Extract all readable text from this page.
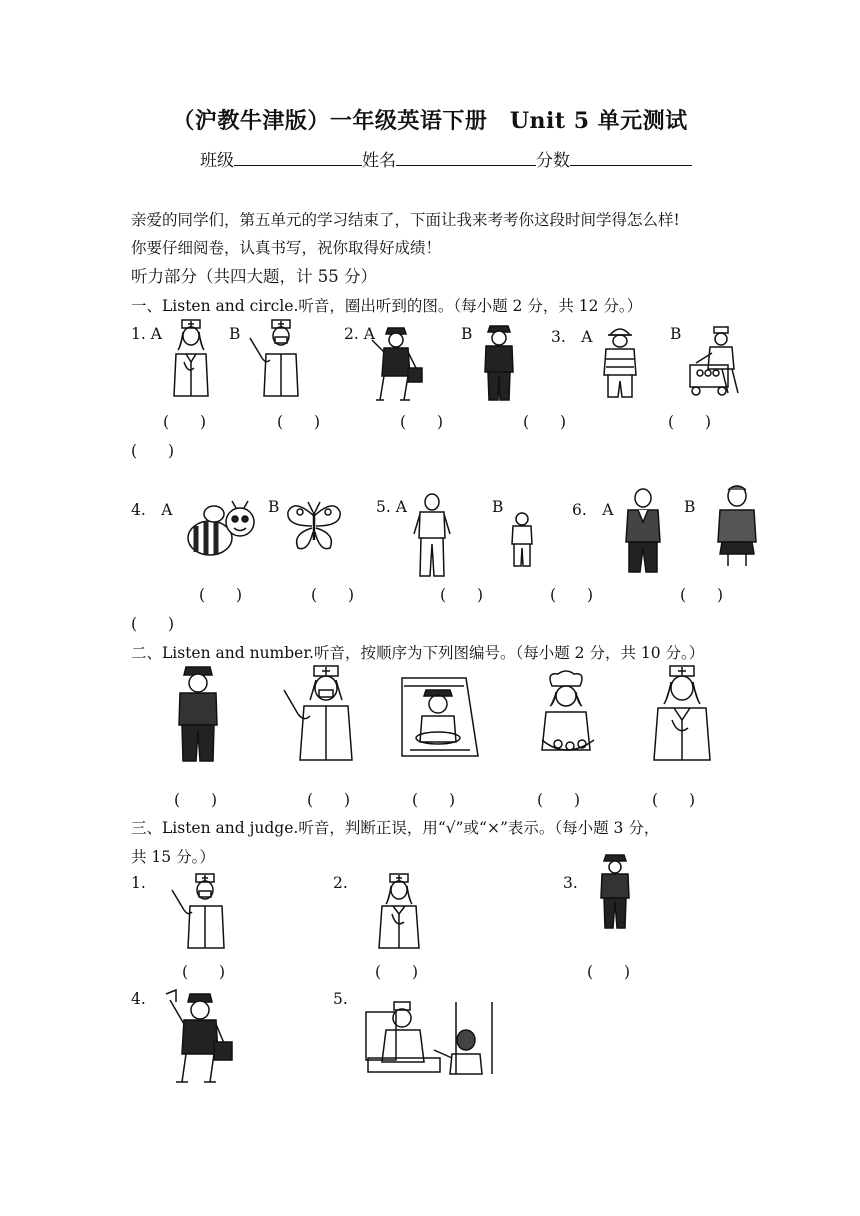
（沪教牛津版）一年级英语下册　Unit 5 单元测试
班级	姓名	分数
亲爱的同学们，第五单元的学习结束了，下面让我来考考你这段时间学得怎么样!
你要仔细阅卷，认真书写，祝你取得好成绩！
听力部分（共四大题，计 55 分）
一、Listen and circle.听音，圈出听到的图。（每小题 2 分，共 12 分。）
1. A	B	2. A	B	3.　A	B
(　　)	(　　)	(　　)	(　　)	(　　)
(　　)
4.　A	B	5. A	B	6.　A	B
(　　)	(　　)	(　　)	(　　)	(　　)
(　　)
二、Listen and number.听音，按顺序为下列图编号。（每小题 2 分，共 10 分。）
(　　)	(　　)	(　　)	(　　)	(　　)
三、Listen and judge.听音，判断正误，用“√”或“×”表示。（每小题 3 分，
共 15 分。）
1.	2.	3.
(　　)	(　　)	(　　)
4.	5.
